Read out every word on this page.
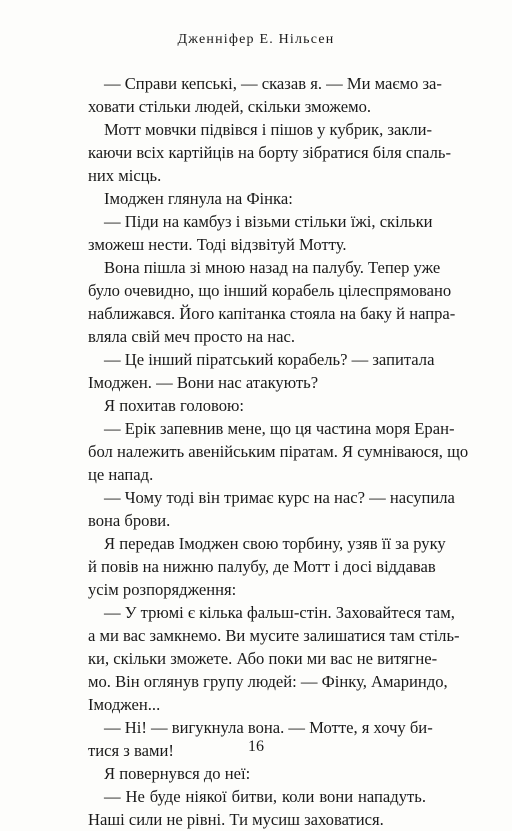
Дженніфер Е. Нільсен
— Справи кепські, — сказав я. — Ми маємо за-
ховати стільки людей, скільки зможемо.
Мотт мовчки підвівся і пішов у кубрик, закли-
каючи всіх картійців на борту зібратися біля спаль-
них місць.
Імоджен глянула на Фінка:
— Піди на камбуз і візьми стільки їжі, скільки
зможеш нести. Тоді відзвітуй Мотту.
Вона пішла зі мною назад на палубу. Тепер уже
було очевидно, що інший корабель цілеспрямовано
наближався. Його капітанка стояла на баку й напра-
вляла свій меч просто на нас.
— Це інший піратський корабель? — запитала
Імоджен. — Вони нас атакують?
Я похитав головою:
— Ерік запевнив мене, що ця частина моря Еран-
бол належить авенійським піратам. Я сумніваюся, що
це напад.
— Чому тоді він тримає курс на нас? — насупила
вона брови.
Я передав Імоджен свою торбину, узяв її за руку
й повів на нижню палубу, де Мотт і досі віддавав
усім розпорядження:
— У трюмі є кілька фальш-стін. Заховайтеся там,
а ми вас замкнемо. Ви мусите залишатися там стіль-
ки, скільки зможете. Або поки ми вас не витягне-
мо. Він оглянув групу людей: — Фінку, Амариндо,
Імоджен...
— Ні! — вигукнула вона. — Мотте, я хочу би-
тися з вами!
Я повернувся до неї:
— Не буде ніякої битви, коли вони нападуть.
Наші сили не рівні. Ти мусиш заховатися.
16
